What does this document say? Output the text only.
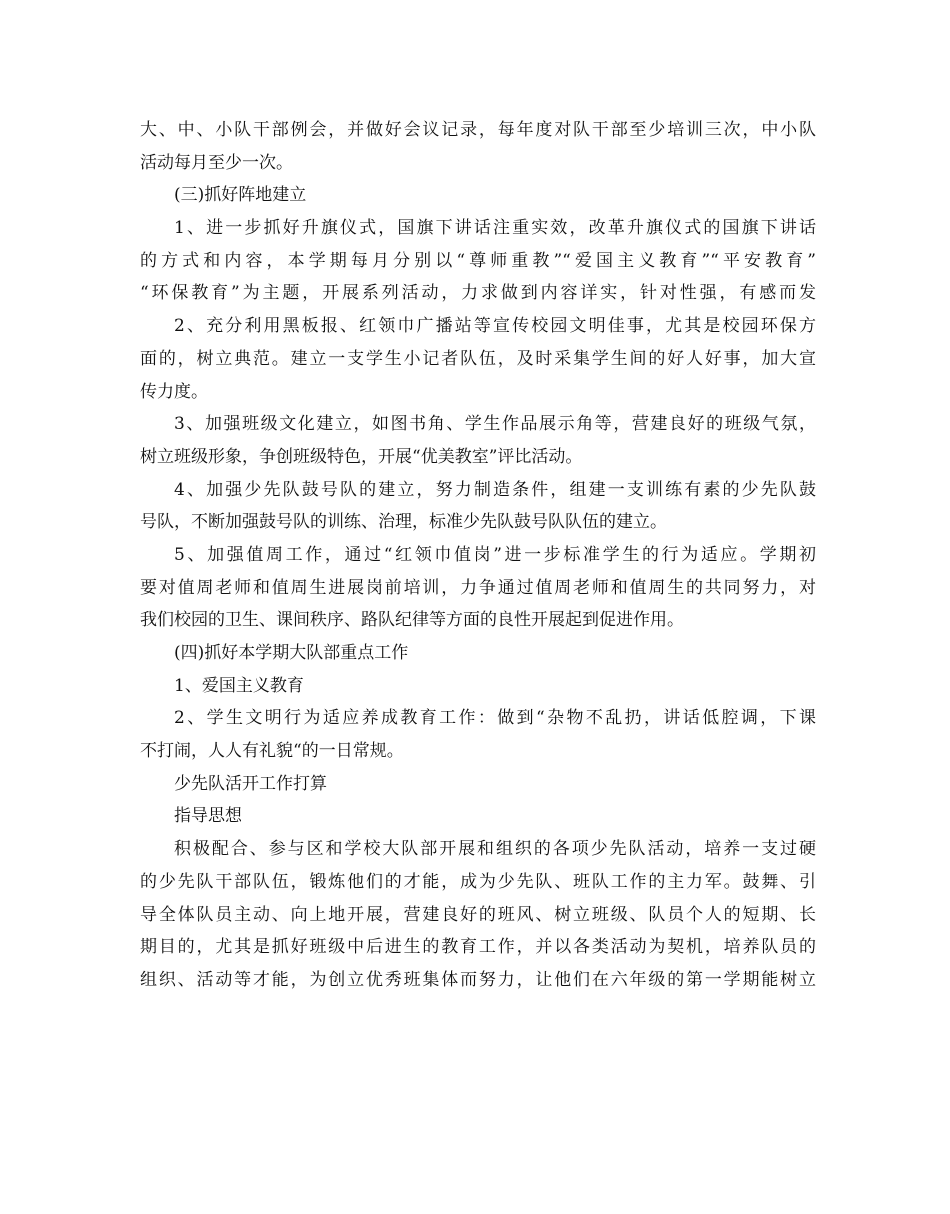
大、中、小队干部例会，并做好会议记录，每年度对队干部至少培训三次，中小队
活动每月至少一次。
(三)抓好阵地建立
1、进一步抓好升旗仪式，国旗下讲话注重实效，改革升旗仪式的国旗下讲话
的方式和内容，本学期每月分别以“尊师重教”“爱国主义教育”“平安教育”
“环保教育”为主题，开展系列活动，力求做到内容详实，针对性强，有感而发
2、充分利用黑板报、红领巾广播站等宣传校园文明佳事，尤其是校园环保方
面的，树立典范。建立一支学生小记者队伍，及时采集学生间的好人好事，加大宣
传力度。
3、加强班级文化建立，如图书角、学生作品展示角等，营建良好的班级气氛，
树立班级形象，争创班级特色，开展“优美教室”评比活动。
4、加强少先队鼓号队的建立，努力制造条件，组建一支训练有素的少先队鼓
号队，不断加强鼓号队的训练、治理，标准少先队鼓号队队伍的建立。
5、加强值周工作，通过“红领巾值岗”进一步标准学生的行为适应。学期初
要对值周老师和值周生进展岗前培训，力争通过值周老师和值周生的共同努力，对
我们校园的卫生、课间秩序、路队纪律等方面的良性开展起到促进作用。
(四)抓好本学期大队部重点工作
1、爱国主义教育
2、学生文明行为适应养成教育工作：做到“杂物不乱扔，讲话低腔调，下课
不打闹，人人有礼貌“的一日常规。
少先队活开工作打算
指导思想
积极配合、参与区和学校大队部开展和组织的各项少先队活动，培养一支过硬
的少先队干部队伍，锻炼他们的才能，成为少先队、班队工作的主力军。鼓舞、引
导全体队员主动、向上地开展，营建良好的班风、树立班级、队员个人的短期、长
期目的，尤其是抓好班级中后进生的教育工作，并以各类活动为契机，培养队员的
组织、活动等才能，为创立优秀班集体而努力，让他们在六年级的第一学期能树立
